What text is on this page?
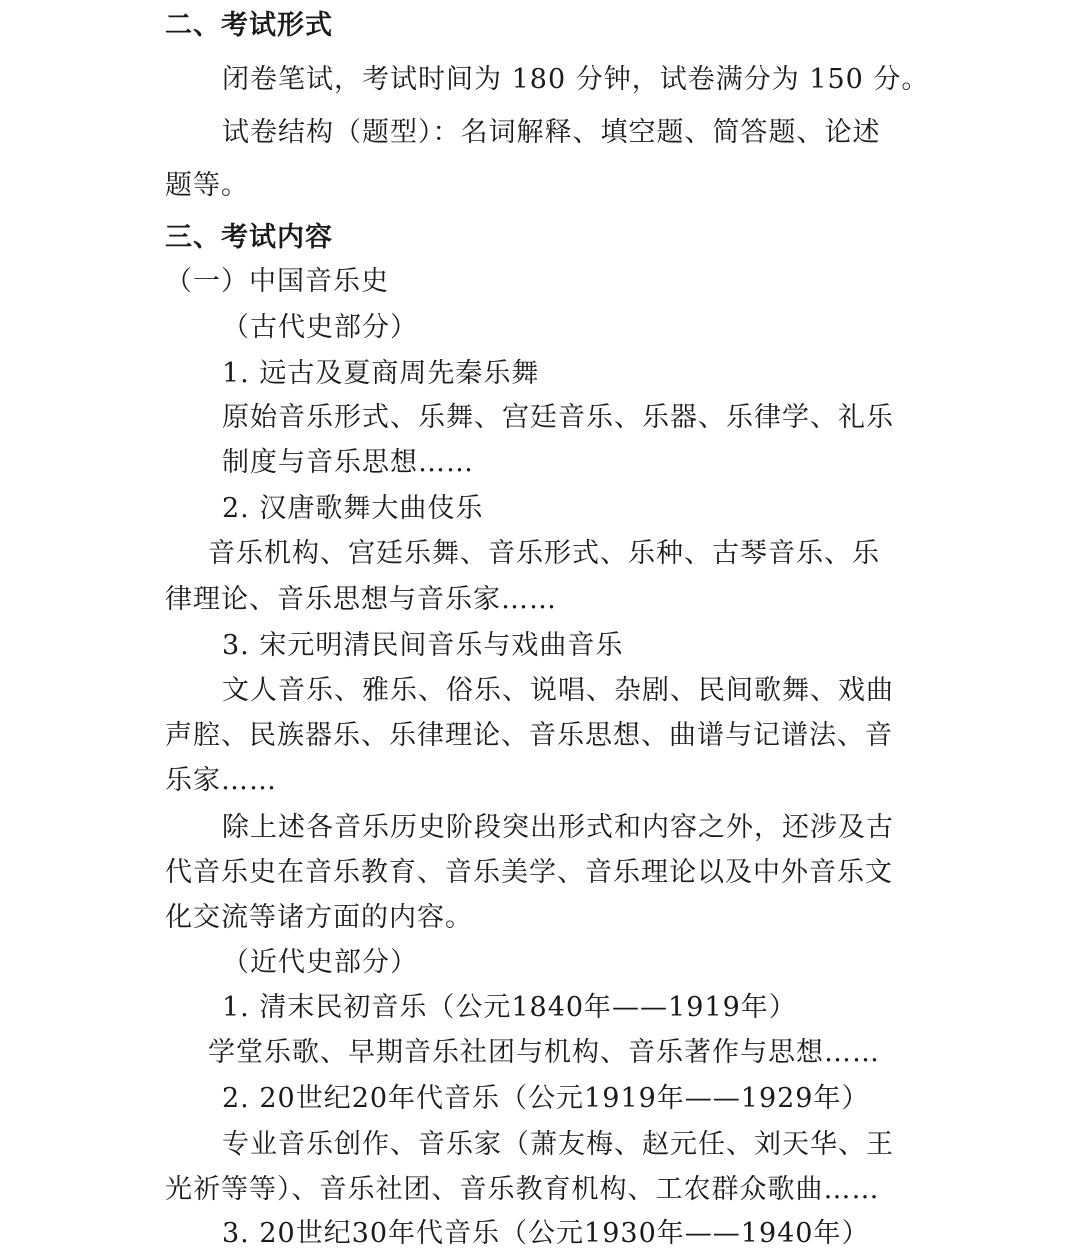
二、考试形式
闭卷笔试，考试时间为 180 分钟，试卷满分为 150 分。
试卷结构（题型）：名词解释、填空题、简答题、论述
题等。
三、考试内容
（一）中国音乐史
（古代史部分）
1. 远古及夏商周先秦乐舞
原始音乐形式、乐舞、宫廷音乐、乐器、乐律学、礼乐
制度与音乐思想……
2. 汉唐歌舞大曲伎乐
音乐机构、宫廷乐舞、音乐形式、乐种、古琴音乐、乐
律理论、音乐思想与音乐家……
3. 宋元明清民间音乐与戏曲音乐
文人音乐、雅乐、俗乐、说唱、杂剧、民间歌舞、戏曲
声腔、民族器乐、乐律理论、音乐思想、曲谱与记谱法、音
乐家……
除上述各音乐历史阶段突出形式和内容之外，还涉及古
代音乐史在音乐教育、音乐美学、音乐理论以及中外音乐文
化交流等诸方面的内容。
（近代史部分）
1. 清末民初音乐（公元1840年——1919年）
学堂乐歌、早期音乐社团与机构、音乐著作与思想……
2. 20世纪20年代音乐（公元1919年——1929年）
专业音乐创作、音乐家（萧友梅、赵元任、刘天华、王
光祈等等）、音乐社团、音乐教育机构、工农群众歌曲……
3. 20世纪30年代音乐（公元1930年——1940年）
